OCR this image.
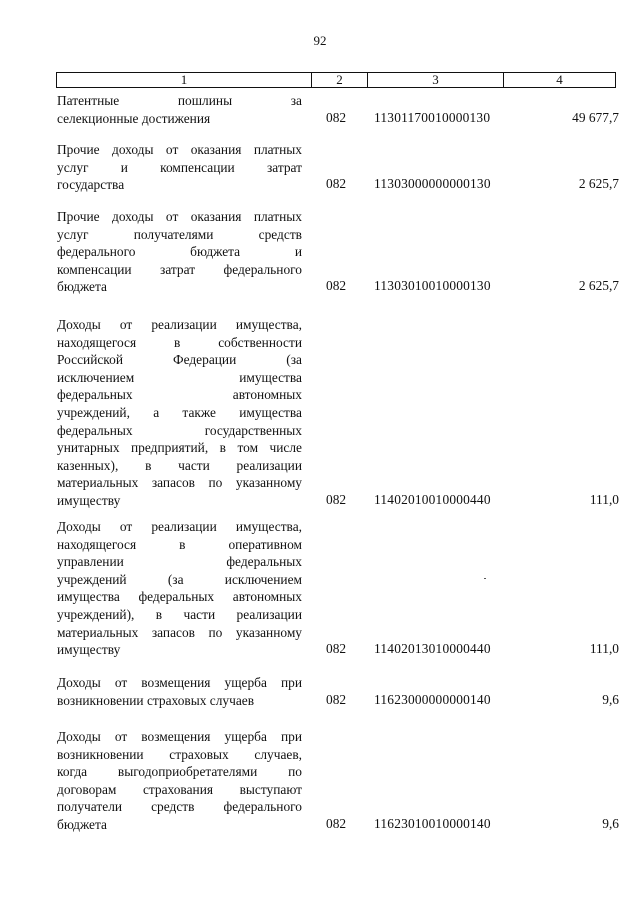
92
1	2	3	4
Патентные пошлины за
селекционные достижения	082 11301170010000130	49 677,7
Прочие доходы от оказания платных
услуг и компенсации затрат
государства	082 11303000000000130	2 625,7
Прочие доходы от оказания платных
услуг получателями средств
федерального бюджета и
компенсации затрат федерального
бюджета	082 11303010010000130	2 625,7
Доходы от реализации имущества,
находящегося в собственности
Российской Федерации (за
исключением имущества
федеральных автономных
учреждений, а также имущества
федеральных государственных
унитарных предприятий, в том числе
казенных), в части реализации
материальных запасов по указанному
имуществу	082 11402010010000440	111,0
Доходы от реализации имущества,
находящегося в оперативном
управлении федеральных
учреждений (за исключением
имущества федеральных автономных
учреждений), в части реализации
материальных запасов по указанному
имуществу	082 11402013010000440	111,0
Доходы от возмещения ущерба при
возникновении страховых случаев	082 11623000000000140	9,6
Доходы от возмещения ущерба при
возникновении страховых случаев,
когда выгодоприобретателями по
договорам страхования выступают
получатели средств федерального
бюджета	082 11623010010000140	9,6
